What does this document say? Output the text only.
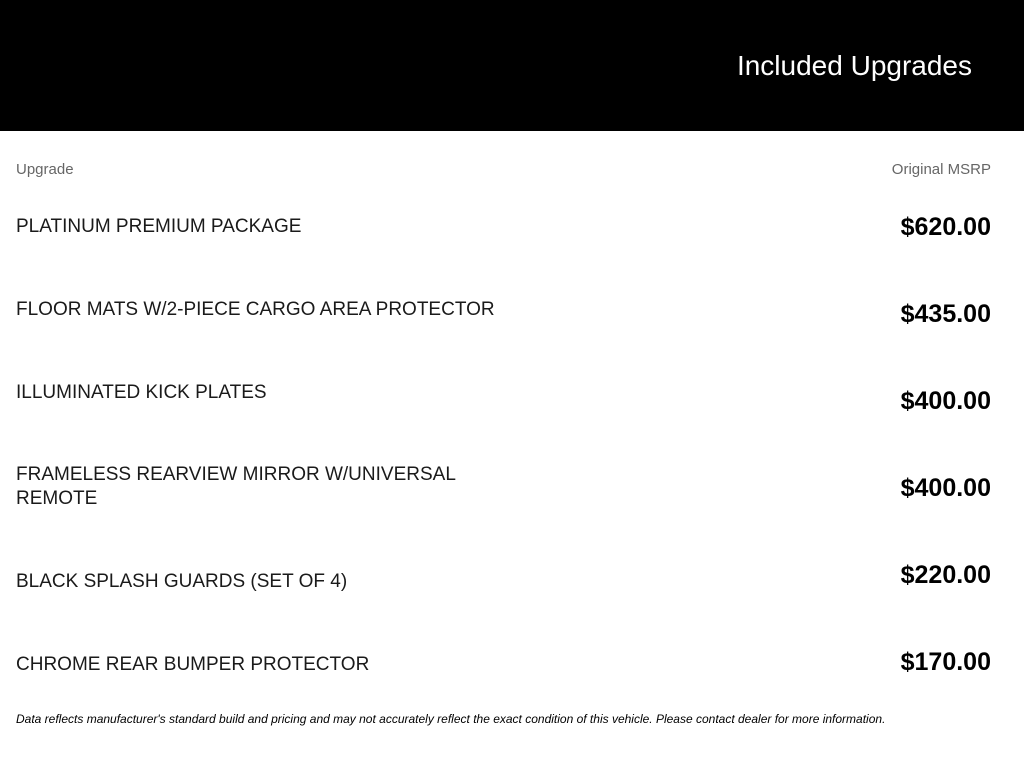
Included Upgrades
Upgrade	Original MSRP
PLATINUM PREMIUM PACKAGE	$620.00
FLOOR MATS W/2-PIECE CARGO AREA PROTECTOR	$435.00
ILLUMINATED KICK PLATES	$400.00
FRAMELESS REARVIEW MIRROR W/UNIVERSAL REMOTE	$400.00
BLACK SPLASH GUARDS (SET OF 4)	$220.00
CHROME REAR BUMPER PROTECTOR	$170.00
Data reflects manufacturer's standard build and pricing and may not accurately reflect the exact condition of this vehicle. Please contact dealer for more information.
